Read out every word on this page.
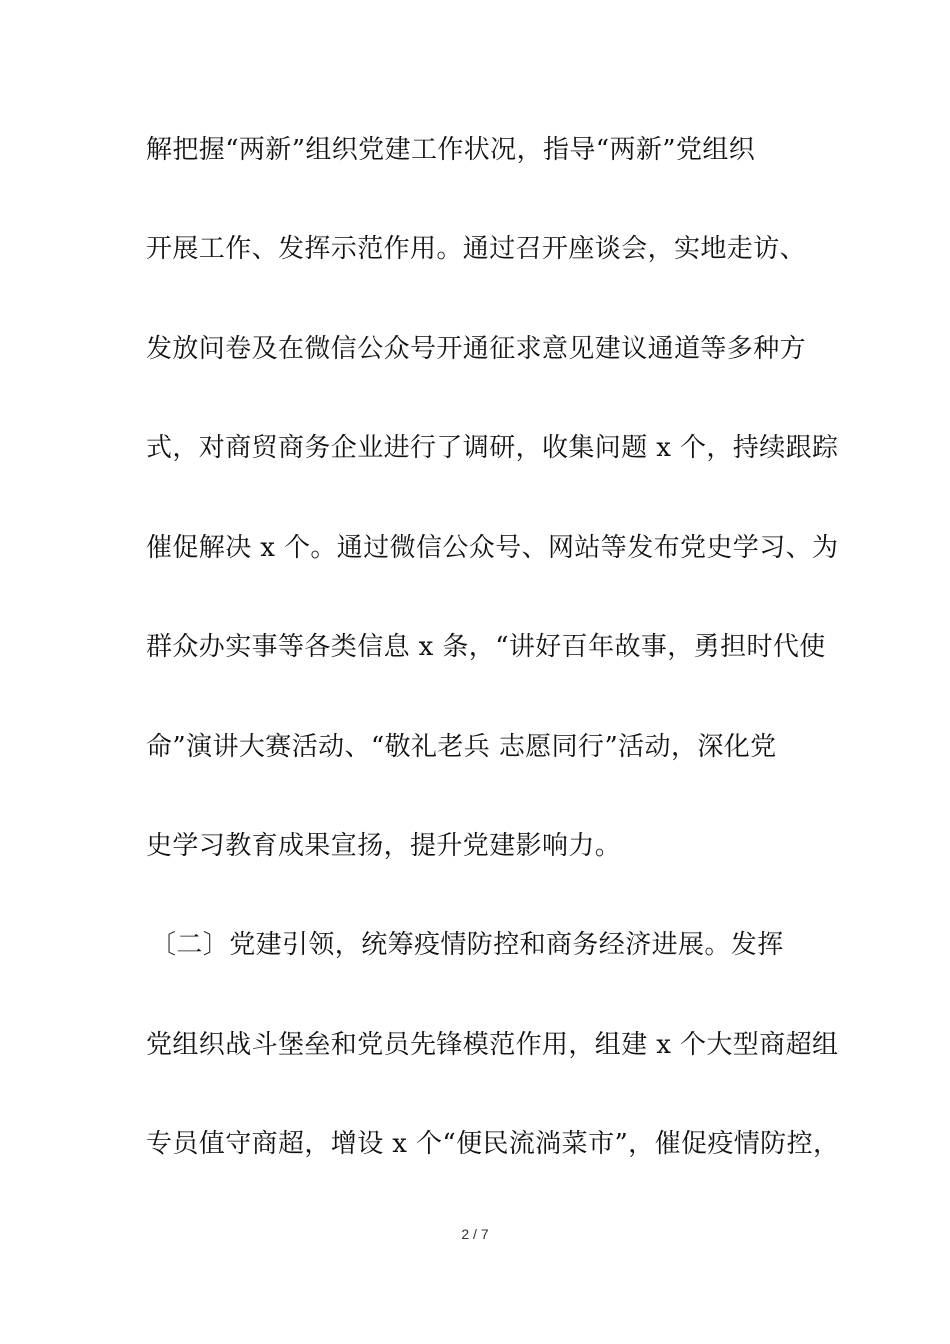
解把握“两新”组织党建工作状况，指导“两新”党组织
开展工作、发挥示范作用。通过召开座谈会，实地走访、
发放问卷及在微信公众号开通征求意见建议通道等多种方
式，对商贸商务企业进行了调研，收集问题 x 个，持续跟踪
催促解决 x 个。通过微信公众号、网站等发布党史学习、为
群众办实事等各类信息 x 条，“讲好百年故事，勇担时代使
命”演讲大赛活动、“敬礼老兵 志愿同行”活动，深化党
史学习教育成果宣扬，提升党建影响力。
〔二〕党建引领，统筹疫情防控和商务经济进展。发挥
党组织战斗堡垒和党员先锋模范作用，组建 x 个大型商超组
专员值守商超，增设 x 个“便民流淌菜市”，催促疫情防控，
2 / 7
